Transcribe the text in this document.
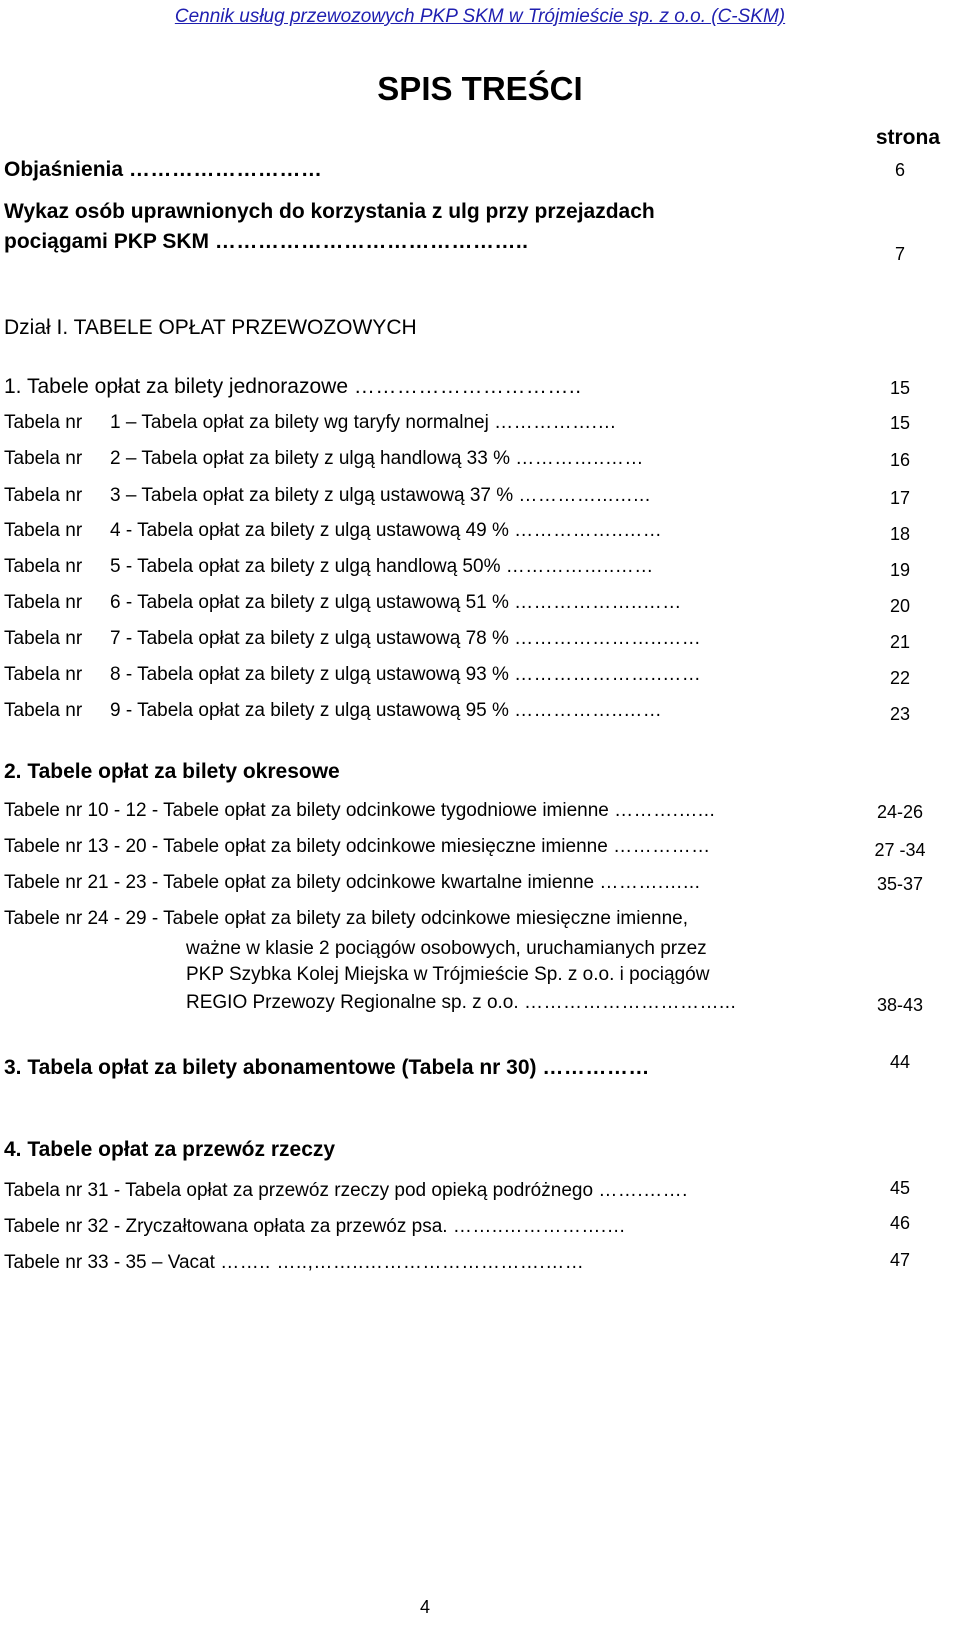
Cennik usług przewozowych PKP SKM w Trójmieście sp. z o.o. (C-SKM)
SPIS TREŚCI
strona
Objaśnienia ………………………	6
Wykaz osób uprawnionych do korzystania z ulg przy przejazdach
pociągami PKP SKM ……………………………………..
7
Dział I. TABELE OPŁAT PRZEWOZOWYCH
1. Tabele opłat za bilety jednorazowe …………………………..	15
Tabela nr 1 – Tabela opłat za bilety wg taryfy normalnej …………….…	15
Tabela nr 2 – Tabela opłat za bilety z ulgą handlową 33 % …………..……	16
Tabela nr 3 – Tabela opłat za bilety z ulgą ustawową 37 % …………...…...	17
Tabela nr 4 - Tabela opłat za bilety z ulgą ustawową 49 % ……………..……	18
Tabela nr 5 - Tabela opłat za bilety z ulgą handlową 50% ……………..……	19
Tabela nr 6 - Tabela opłat za bilety z ulgą ustawową 51 % ………………..……	20
Tabela nr 7 - Tabela opłat za bilety z ulgą ustawową 78 % …………………..……	21
Tabela nr 8 - Tabela opłat za bilety z ulgą ustawową 93 % …………………..……	22
Tabela nr 9 - Tabela opłat za bilety z ulgą ustawową 95 % ……………..……	23
2. Tabele opłat za bilety okresowe
Tabele nr 10 - 12 - Tabele opłat za bilety odcinkowe tygodniowe imienne ……….…...	24-26
Tabele nr 13 - 20 - Tabele opłat za bilety odcinkowe miesięczne imienne ……………	27 -34
Tabele nr 21 - 23 - Tabele opłat za bilety odcinkowe kwartalne imienne ……….…...	35-37
Tabele nr 24 - 29 - Tabele opłat za bilety za bilety odcinkowe miesięczne imienne,
ważne w klasie 2 pociągów osobowych, uruchamianych przez
PKP Szybka Kolej Miejska w Trójmieście Sp. z o.o. i pociągów
REGIO Przewozy Regionalne sp. z o.o. …………………………...	38-43
3. Tabela opłat za bilety abonamentowe (Tabela nr 30) ……………	44
4. Tabele opłat za przewóz rzeczy
Tabela nr 31 - Tabela opłat za przewóz rzeczy pod opieką podróżnego …….…….	45
Tabele nr 32 - Zryczałtowana opłata za przewóz psa. ……..…………….…	46
Tabele nr 33 - 35 – Vacat …….. …..,……..……………………….……	47
4
